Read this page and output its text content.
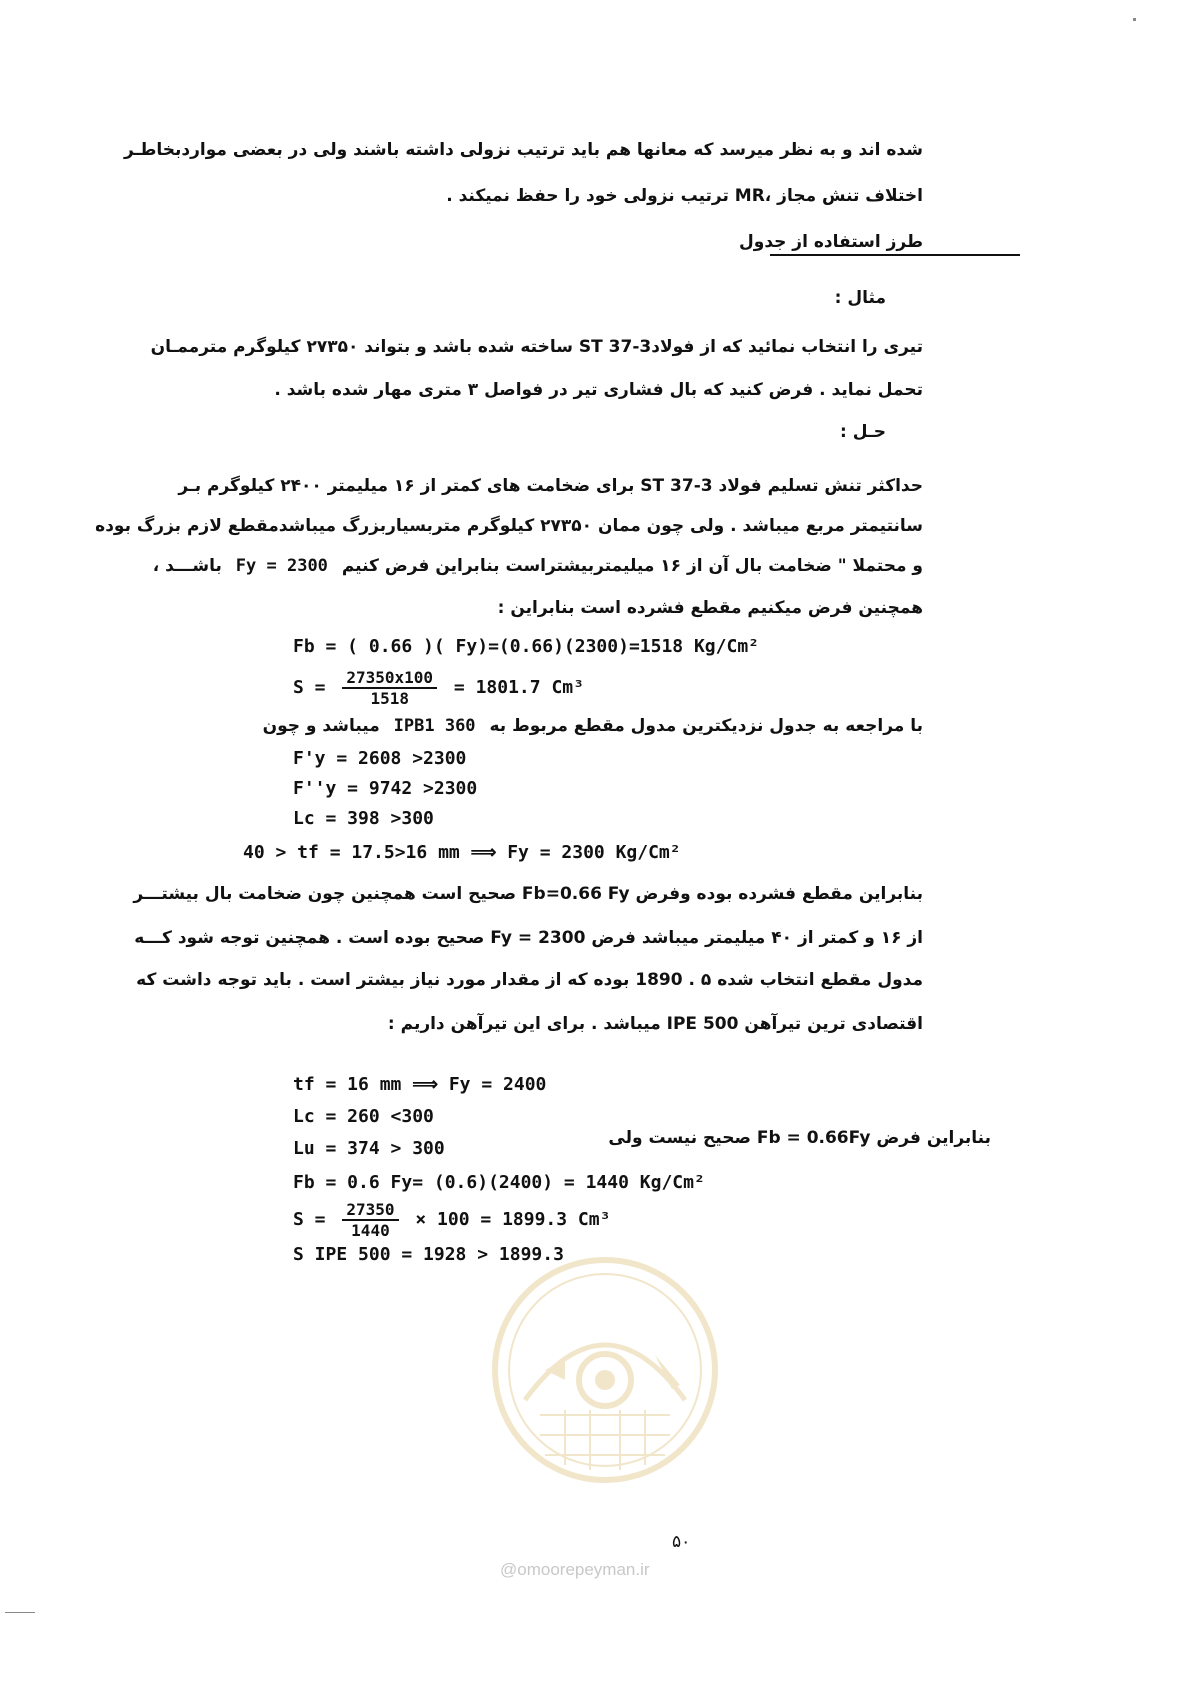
شده اند و به نظر میرسد که معانها هم باید ترتیب نزولی داشته باشند ولی در بعضی مواردبخاطـر
اختلاف تنش مجاز ،MR ترتیب نزولی خود را حفظ نمیکند .
طرز استفاده از جدول
مثال :
تیری را انتخاب نمائید که از فولاد3-ST 37 ساخته شده باشد و بتواند ۲۷۳۵۰ کیلوگرم مترممـان
تحمل نماید . فرض کنید که بال فشاری تیر در فواصل ۳ متری مهار شده باشد .
حـل :
حداکثر تنش تسلیم فولاد ST 37-3 برای ضخامت های کمتر از ۱۶ میلیمتر ۲۴۰۰ کیلوگرم بـر
سانتیمتر مربع میباشد . ولی چون ممان ۲۷۳۵۰ کیلوگرم متربسیاربزرگ میباشدمقطع لازم بزرگ بوده
و محتملا " ضخامت بال آن از ۱۶ میلیمتربیشتراست بنابراین فرض کنیم Fy = 2300 باشـــد ،
همچنین فرض میکنیم مقطع فشرده است بنابراین :
Fb = ( 0.66 )( Fy)=(0.66)(2300)=1518 Kg/Cm²
$S = \frac{27350x100}{1518} = 1801.7$ Cm³
با مراجعه به جدول نزدیکترین مدول مقطع مربوط به IPB1 360 میباشد و چون
F'y = 2608 >2300
F''y = 9742 >2300
Lc = 398 >300
40 > tf = 17.5>16 mm ⟹ Fy = 2300 Kg/Cm²
بنابراین مقطع فشرده بوده وفرض Fb=0.66 Fy صحیح است همچنین چون ضخامت بال بیشتـــر
از ۱۶ و کمتر از ۴۰ میلیمتر میباشد فرض Fy = 2300 صحیح بوده است . همچنین توجه شود کـــه
مدول مقطع انتخاب شده ۵ . 1890 بوده که از مقدار مورد نیاز بیشتر است . باید توجه داشت که
اقتصادی ترین تیرآهن IPE 500 میباشد . برای این تیرآهن داریم :
tf = 16 mm ⟹ Fy = 2400
Lc = 260 <300
Lu = 374 > 300	بنابراین فرض Fb = 0.66Fy صحیح نیست ولی
Fb = 0.6 Fy= (0.6)(2400) = 1440 Kg/Cm²
$S = \frac{27350}{1440} \times 100 = 1899.3$ Cm³
S IPE 500 = 1928 > 1899.3
@omoorepeyman.ir
۵۰
